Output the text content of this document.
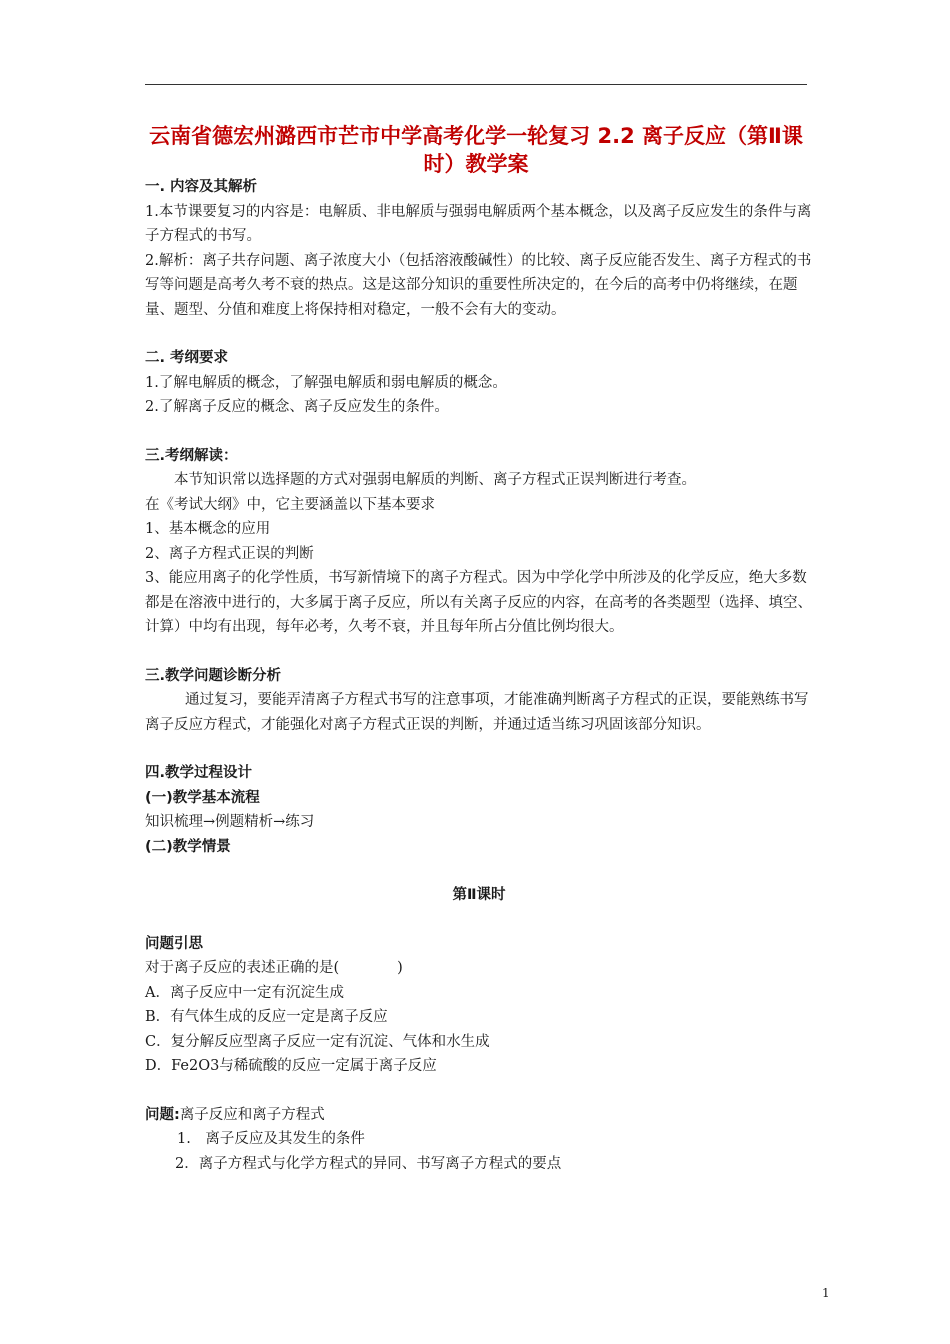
云南省德宏州潞西市芒市中学高考化学一轮复习 2.2 离子反应（第Ⅱ课时）教学案

一. 内容及其解析

1.本节课要复习的内容是：电解质、非电解质与强弱电解质两个基本概念，以及离子反应发生的条件与离子方程式的书写。

2.解析：离子共存问题、离子浓度大小（包括溶液酸碱性）的比较、离子反应能否发生、离子方程式的书写等问题是高考久考不衰的热点。这是这部分知识的重要性所决定的，在今后的高考中仍将继续，在题量、题型、分值和难度上将保持相对稳定，一般不会有大的变动。

二. 考纲要求

1.了解电解质的概念，了解强电解质和弱电解质的概念。

2.了解离子反应的概念、离子反应发生的条件。

三.考纲解读：

本节知识常以选择题的方式对强弱电解质的判断、离子方程式正误判断进行考查。

在《考试大纲》中，它主要涵盖以下基本要求

1、基本概念的应用

2、离子方程式正误的判断

3、能应用离子的化学性质，书写新情境下的离子方程式。因为中学化学中所涉及的化学反应，绝大多数都是在溶液中进行的，大多属于离子反应，所以有关离子反应的内容，在高考的各类题型（选择、填空、计算）中均有出现，每年必考，久考不衰，并且每年所占分值比例均很大。

三.教学问题诊断分析

通过复习，要能弄清离子方程式书写的注意事项，才能准确判断离子方程式的正误，要能熟练书写离子反应方程式，才能强化对离子方程式正误的判断，并通过适当练习巩固该部分知识。

四.教学过程设计

(一)教学基本流程

知识梳理→例题精析→练习

(二)教学情景

第Ⅱ课时

问题引思

对于离子反应的表述正确的是(　　　　)

A．离子反应中一定有沉淀生成

B．有气体生成的反应一定是离子反应

C．复分解反应型离子反应一定有沉淀、气体和水生成

D．Fe2O3与稀硫酸的反应一定属于离子反应

问题:离子反应和离子方程式

1.　离子反应及其发生的条件

2．离子方程式与化学方程式的异同、书写离子方程式的要点

1
